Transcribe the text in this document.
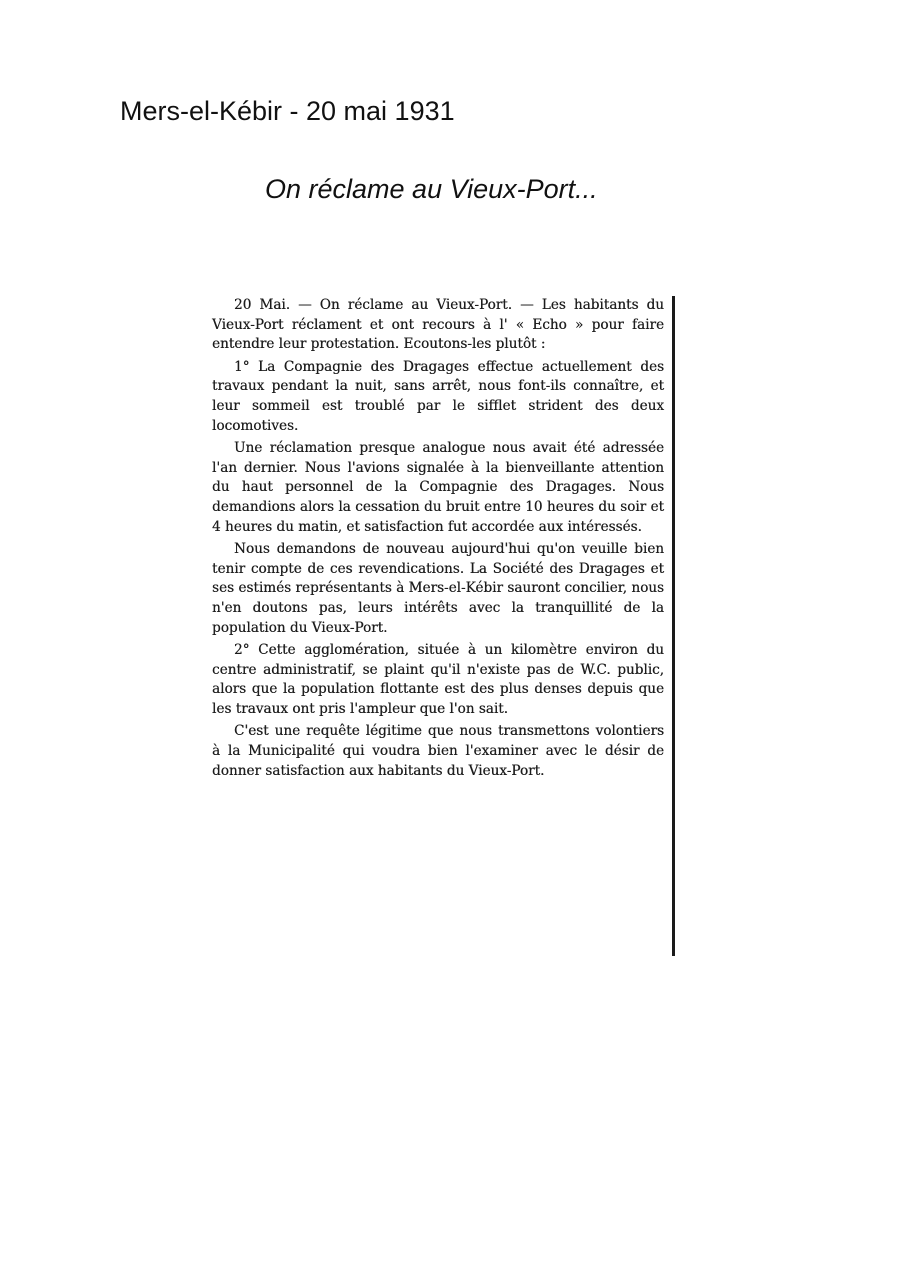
Mers-el-Kébir - 20 mai 1931
On réclame au Vieux-Port...

20 Mai. — On réclame au Vieux-Port. — Les habitants du Vieux-Port réclament et ont recours à l' « Echo » pour faire entendre leur protestation. Ecoutons-les plutôt :

1° La Compagnie des Dragages effectue actuellement des travaux pendant la nuit, sans arrêt, nous font-ils connaître, et leur sommeil est troublé par le sifflet strident des deux locomotives.

Une réclamation presque analogue nous avait été adressée l'an dernier. Nous l'avions signalée à la bienveillante attention du haut personnel de la Compagnie des Dragages. Nous demandions alors la cessation du bruit entre 10 heures du soir et 4 heures du matin, et satisfaction fut accordée aux intéressés.

Nous demandons de nouveau aujourd'hui qu'on veuille bien tenir compte de ces revendications. La Société des Dragages et ses estimés représentants à Mers-el-Kébir sauront concilier, nous n'en doutons pas, leurs intérêts avec la tranquillité de la population du Vieux-Port.

2° Cette agglomération, située à un kilomètre environ du centre administratif, se plaint qu'il n'existe pas de W.C. public, alors que la population flottante est des plus denses depuis que les travaux ont pris l'ampleur que l'on sait.

C'est une requête légitime que nous transmettons volontiers à la Municipalité qui voudra bien l'examiner avec le désir de donner satisfaction aux habitants du Vieux-Port.
